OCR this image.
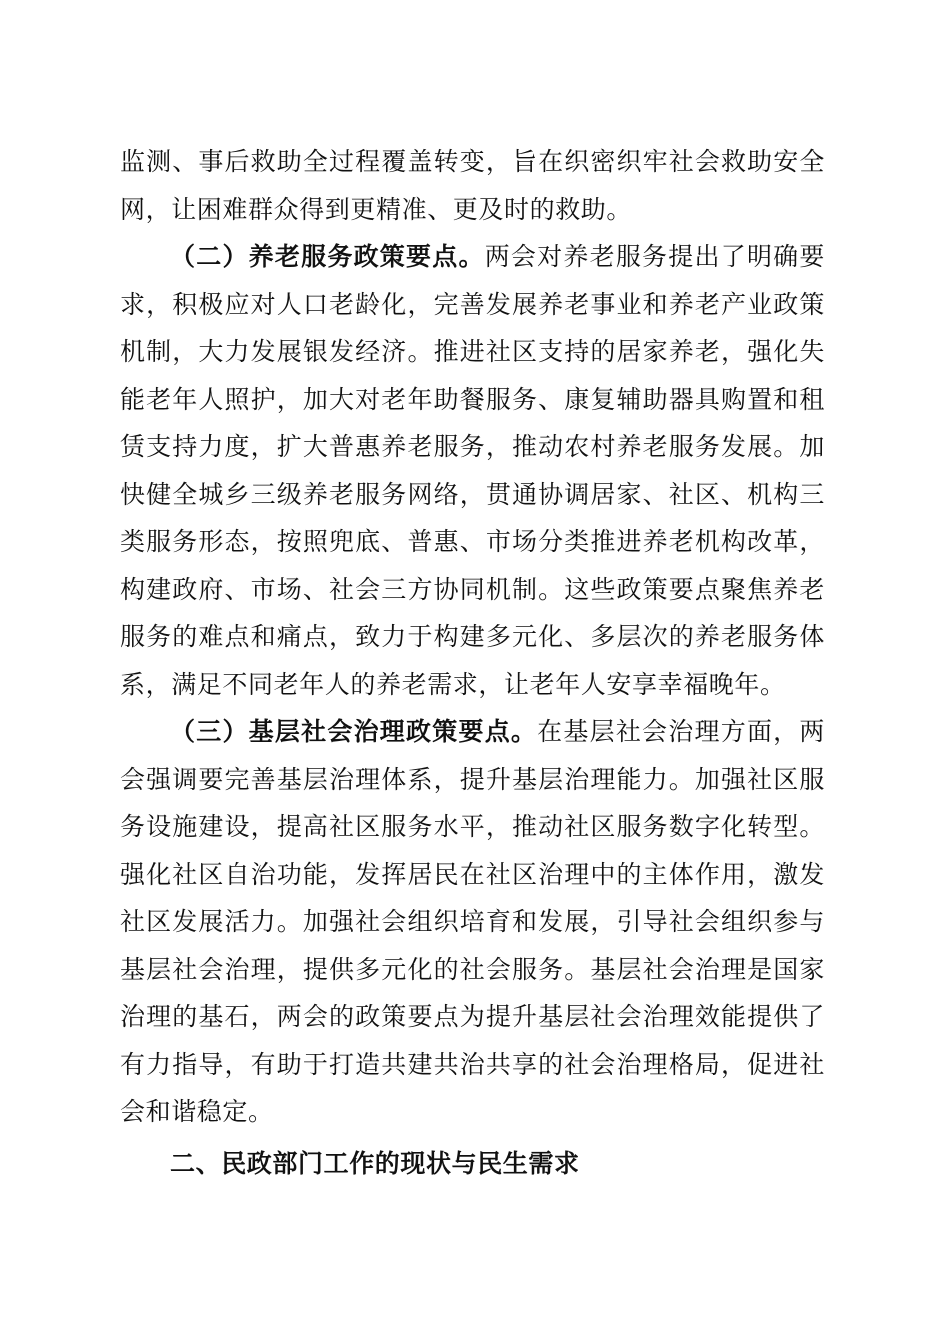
监测、事后救助全过程覆盖转变，旨在织密织牢社会救助安全网，让困难群众得到更精准、更及时的救助。

（二）养老服务政策要点。两会对养老服务提出了明确要求，积极应对人口老龄化，完善发展养老事业和养老产业政策机制，大力发展银发经济。推进社区支持的居家养老，强化失能老年人照护，加大对老年助餐服务、康复辅助器具购置和租赁支持力度，扩大普惠养老服务，推动农村养老服务发展。加快健全城乡三级养老服务网络，贯通协调居家、社区、机构三类服务形态，按照兜底、普惠、市场分类推进养老机构改革，构建政府、市场、社会三方协同机制。这些政策要点聚焦养老服务的难点和痛点，致力于构建多元化、多层次的养老服务体系，满足不同老年人的养老需求，让老年人安享幸福晚年。

（三）基层社会治理政策要点。在基层社会治理方面，两会强调要完善基层治理体系，提升基层治理能力。加强社区服务设施建设，提高社区服务水平，推动社区服务数字化转型。强化社区自治功能，发挥居民在社区治理中的主体作用，激发社区发展活力。加强社会组织培育和发展，引导社会组织参与基层社会治理，提供多元化的社会服务。基层社会治理是国家治理的基石，两会的政策要点为提升基层社会治理效能提供了有力指导，有助于打造共建共治共享的社会治理格局，促进社会和谐稳定。

二、民政部门工作的现状与民生需求
